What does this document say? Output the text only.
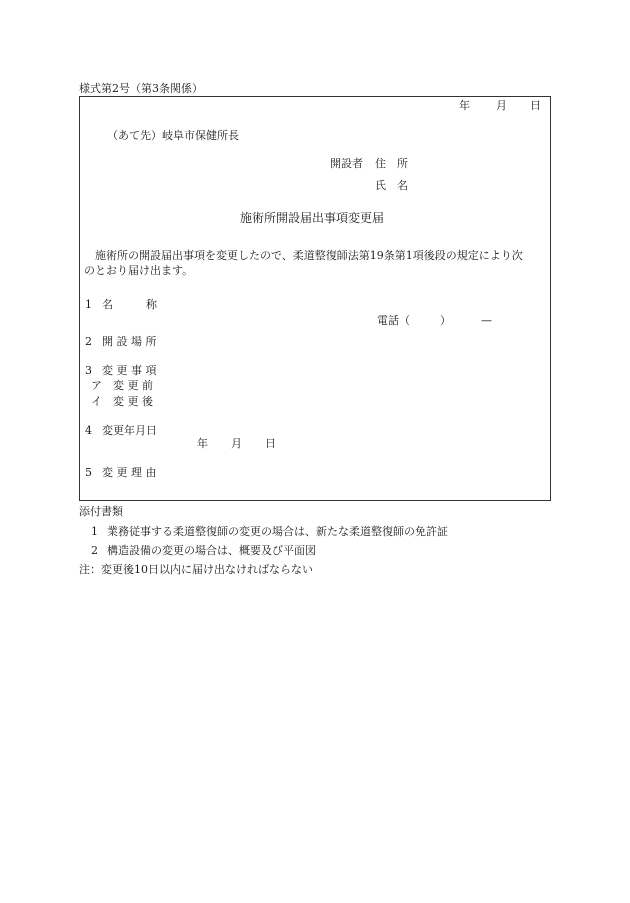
様式第2号（第3条関係）
年 月 日
（あて先）岐阜市保健所長
開設者 住　所
氏　名
施術所開設届出事項変更届
施術所の開設届出事項を変更したので、柔道整復師法第19条第1項後段の規定により次
のとおり届け出ます。
1 名　　　称
電話（	）	—
2 開 設 場 所
3 変 更 事 項
ア　変 更 前
イ　変 更 後
4 変更年月日
年 月 日
5 変 更 理 由
添付書類
1 業務従事する柔道整復師の変更の場合は、新たな柔道整復師の免許証
2 構造設備の変更の場合は、概要及び平面図
注：変更後10日以内に届け出なければならない
